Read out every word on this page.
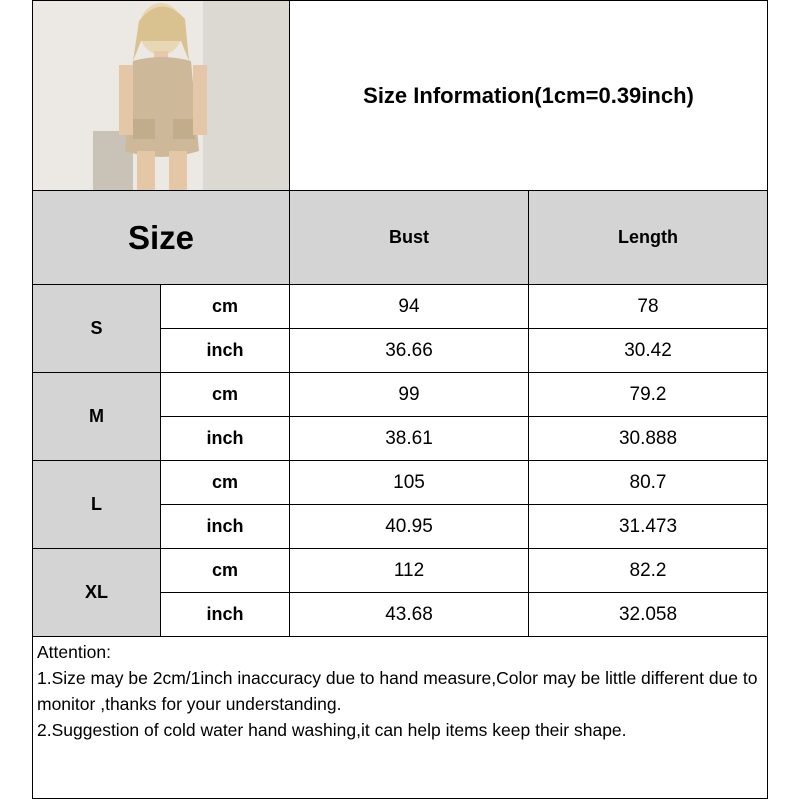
Size Information(1cm=0.39inch)
Size	Bust	Length
S
cm	94	78
inch	36.66	30.42
M
cm	99	79.2
inch	38.61	30.888
L
cm	105	80.7
inch	40.95	31.473
XL
cm	112	82.2
inch	43.68	32.058
Attention:
1.Size may be 2cm/1inch inaccuracy due to hand measure,Color may be little different due to monitor ,thanks for your understanding.
2.Suggestion of cold water hand washing,it can help items keep their shape.
